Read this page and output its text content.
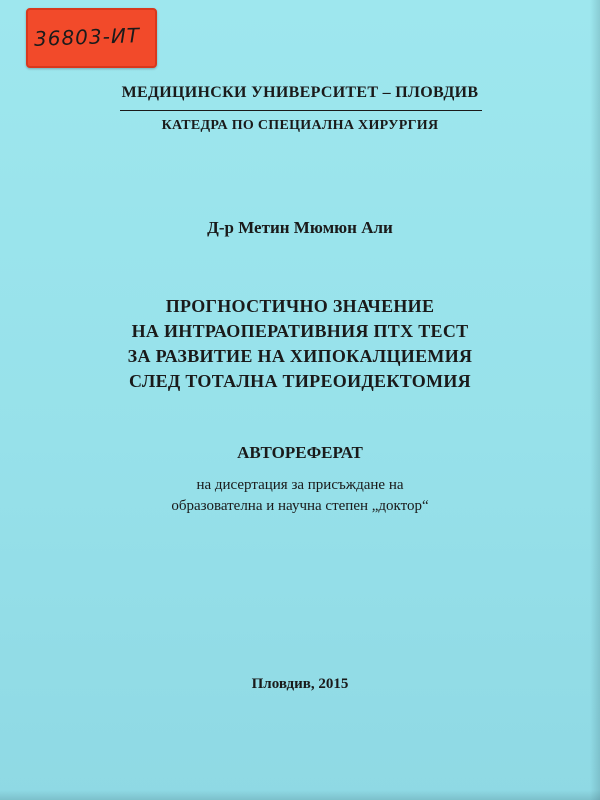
36803-ИТ
МЕДИЦИНСКИ УНИВЕРСИТЕТ – ПЛОВДИВ
КАТЕДРА ПО СПЕЦИАЛНА ХИРУРГИЯ
Д-р Метин Мюмюн Али
ПРОГНОСТИЧНО ЗНАЧЕНИЕ
НА ИНТРАОПЕРАТИВНИЯ ПТХ ТЕСТ
ЗА РАЗВИТИЕ НА ХИПОКАЛЦИЕМИЯ
СЛЕД ТОТАЛНА ТИРЕОИДЕКТОМИЯ
АВТОРЕФЕРАТ
на дисертация за присъждане на
образователна и научна степен „доктор“
Пловдив, 2015
